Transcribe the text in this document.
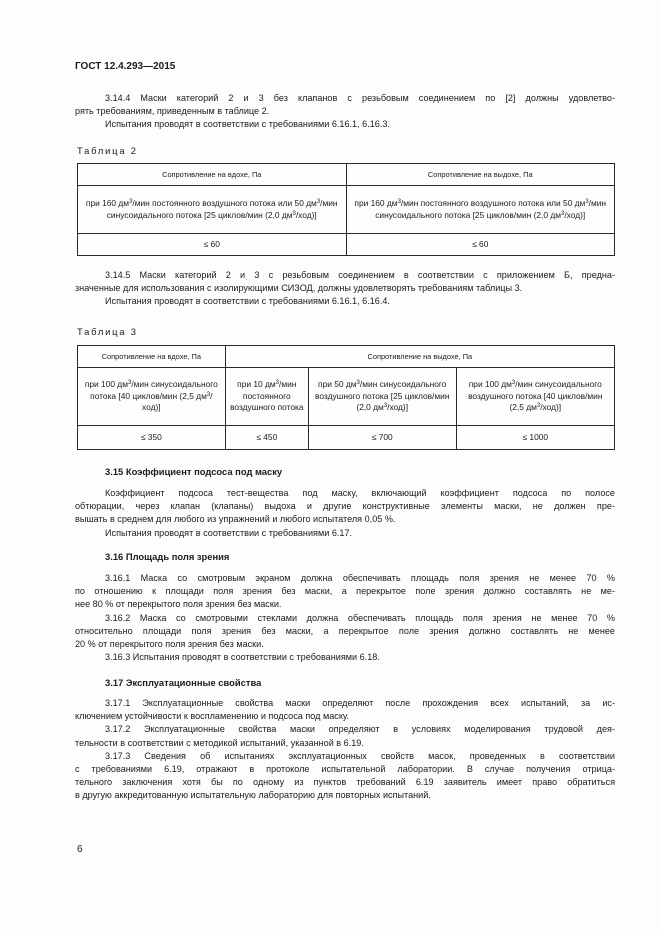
ГОСТ 12.4.293—2015
3.14.4 Маски категорий 2 и 3 без клапанов с резьбовым соединением по [2] должны удовлетво-
рять требованиям, приведенным в таблице 2.
Испытания проводят в соответствии с требованиями 6.16.1, 6.16.3.
Таблица 2
Сопротивление на вдохе, Па	Сопротивление на выдохе, Па
при 160 $дм^3$/мин постоянного воздушного потока или 50 $дм^3$/мин синусоидального потока [25 циклов/мин (2,0 $дм^3/ход$)]	при 160 $дм^3$/мин постоянного воздушного потока или 50 $дм^3$/мин синусоидального потока [25 циклов/мин (2,0 $дм^3/ход$)]
≤ 60	≤ 60
3.14.5 Маски категорий 2 и 3 с резьбовым соединением в соответствии с приложением Б, предна-
значенные для использования с изолирующими СИЗОД, должны удовлетворять требованиям таблицы 3.
Испытания проводят в соответствии с требованиями 6.16.1, 6.16.4.
Таблица 3
Сопротивление на вдохе, Па	Сопротивление на выдохе, Па		
при 100 $дм^3$/мин синусоидального потока [40 циклов/мин (2,5 $дм^3/ход$)]	при 10 $дм^3$/мин постоянного воздушного потока	при 50 $дм^3$/мин синусоидального воздушного потока [25 циклов/мин (2,0 $дм^3/ход$)]	при 100 $дм^3$/мин синусоидального воздушного потока [40 циклов/мин (2,5 $дм^3/ход$)]
≤ 350	≤ 450	≤ 700	≤ 1000
3.15 Коэффициент подсоса под маску
Коэффициент подсоса тест-вещества под маску, включающий коэффициент подсоса по полосе
обтюрации, через клапан (клапаны) выдоха и другие конструктивные элементы маски, не должен пре-
вышать в среднем для любого из упражнений и любого испытателя 0,05 %.
Испытания проводят в соответствии с требованиями 6.17.
3.16 Площадь поля зрения
3.16.1 Маска со смотровым экраном должна обеспечивать площадь поля зрения не менее 70 %
по отношению к площади поля зрения без маски, а перекрытое поле зрения должно составлять не ме-
нее 80 % от перекрытого поля зрения без маски.
3.16.2 Маска со смотровыми стеклами должна обеспечивать площадь поля зрения не менее 70 %
относительно площади поля зрения без маски, а перекрытое поле зрения должно составлять не менее
20 % от перекрытого поля зрения без маски.
3.16.3 Испытания проводят в соответствии с требованиями 6.18.
3.17 Эксплуатационные свойства
3.17.1 Эксплуатационные свойства маски определяют после прохождения всех испытаний, за ис-
ключением устойчивости к воспламенению и подсоса под маску.
3.17.2 Эксплуатационные свойства маски определяют в условиях моделирования трудовой дея-
тельности в соответствии с методикой испытаний, указанной в 6.19.
3.17.3 Сведения об испытаниях эксплуатационных свойств масок, проведенных в соответствии
с требованиями 6.19, отражают в протоколе испытательной лаборатории. В случае получения отрица-
тельного заключения хотя бы по одному из пунктов требований 6.19 заявитель имеет право обратиться
в другую аккредитованную испытательную лабораторию для повторных испытаний.
6
